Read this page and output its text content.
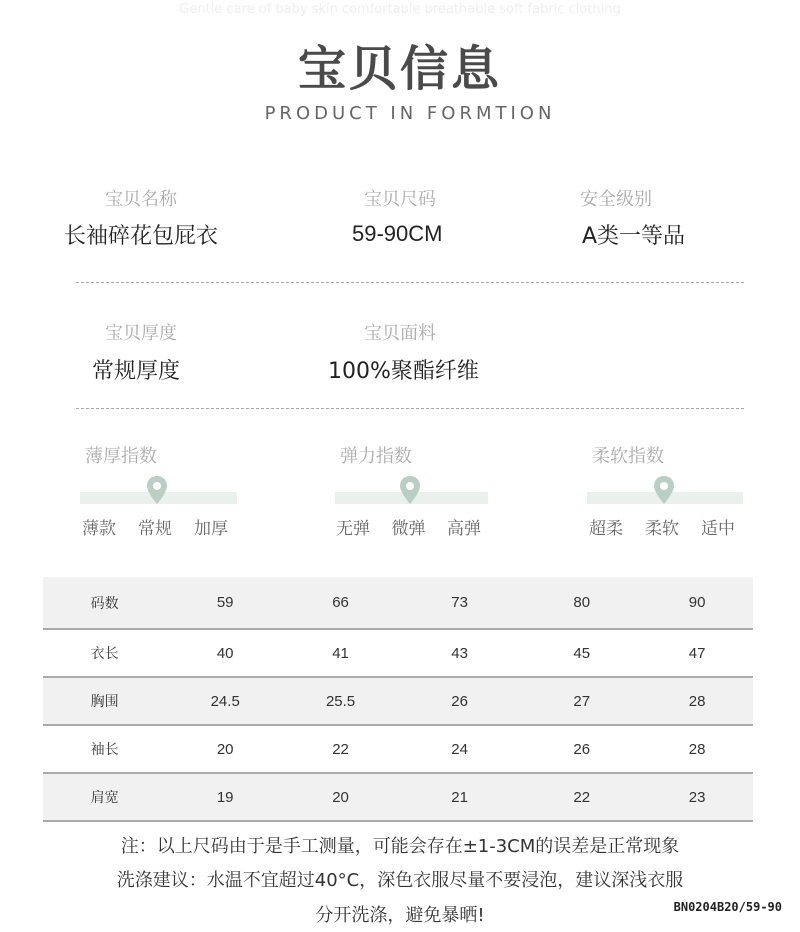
Gentle care of baby skin comfortable breathable soft fabric clothing
宝贝信息
PRODUCT IN FORMTION
宝贝名称
长袖碎花包屁衣
宝贝尺码
59-90CM
安全级别
A类一等品
宝贝厚度
常规厚度
宝贝面料
100%聚酯纤维
薄厚指数
薄款 常规 加厚
弹力指数
无弹 微弹 高弹
柔软指数
超柔 柔软 适中
码数	59	66	73	80	90
衣长	40	41	43	45	47
胸围	24.5	25.5	26	27	28
袖长	20	22	24	26	28
肩宽	19	20	21	22	23
注：以上尺码由于是手工测量，可能会存在±1-3CM的误差是正常现象
洗涤建议：水温不宜超过40°C，深色衣服尽量不要浸泡，建议深浅衣服
分开洗涤，避免暴晒!	BN0204B20/59-90
